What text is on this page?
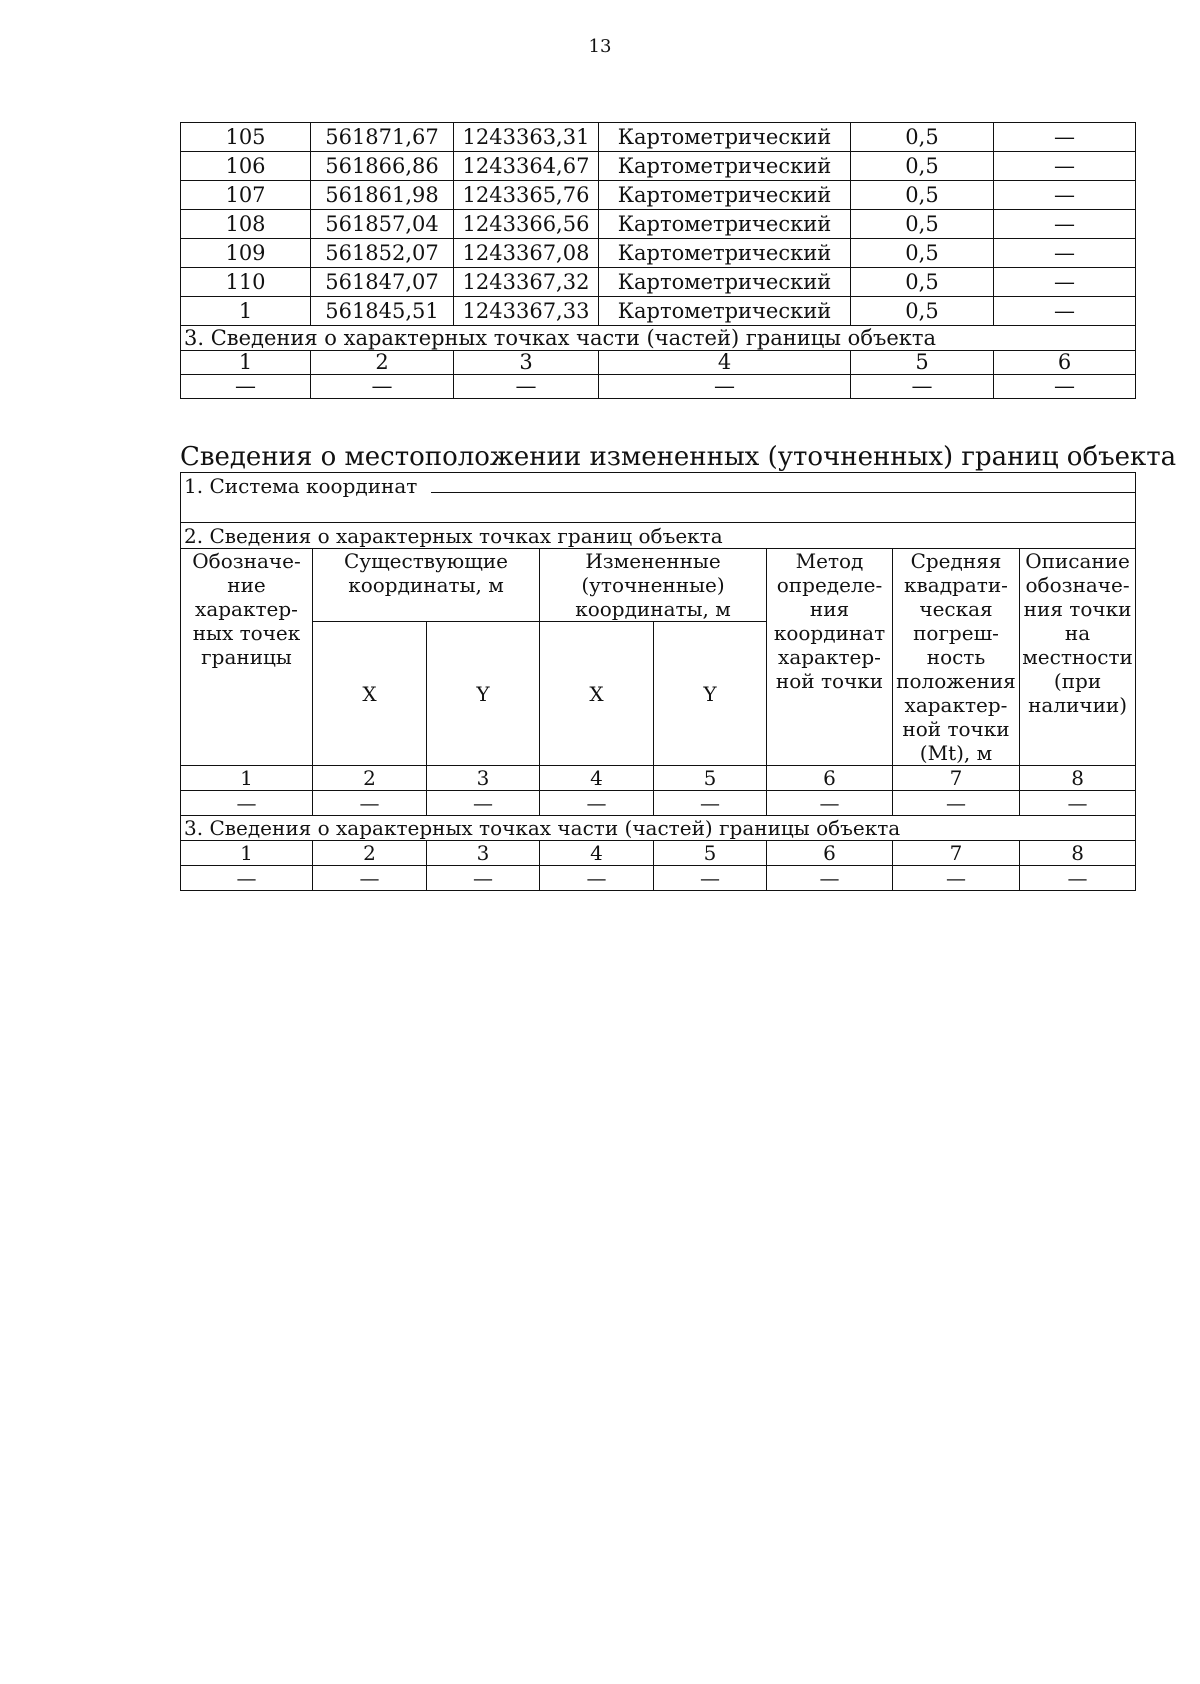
13
105	561871,67	1243363,31	Картометрический	0,5	—
106	561866,86	1243364,67	Картометрический	0,5	—
107	561861,98	1243365,76	Картометрический	0,5	—
108	561857,04	1243366,56	Картометрический	0,5	—
109	561852,07	1243367,08	Картометрический	0,5	—
110	561847,07	1243367,32	Картометрический	0,5	—
1	561845,51	1243367,33	Картометрический	0,5	—
3. Сведения о характерных точках части (частей) границы объекта					
1	2	3	4	5	6
—	—	—	—	—	—
Сведения о местоположении измененных (уточненных) границ объекта
1. Система координат							

2. Сведения о характерных точках границ объекта							
Обозначе-ние характер-ных точек границы	Существующие координаты, м		Измененные (уточненные) координаты, м		Метод определе-ния координат характер-ной точки	Средняя квадрати-ческая погреш-ность положения характер-ной точки (Mt), м	Описание обозначе-ния точки на местности (при наличии)
	X	Y	X	Y			
1	2	3	4	5	6	7	8
—	—	—	—	—	—	—	—
3. Сведения о характерных точках части (частей) границы объекта							
1	2	3	4	5	6	7	8
—	—	—	—	—	—	—	—
